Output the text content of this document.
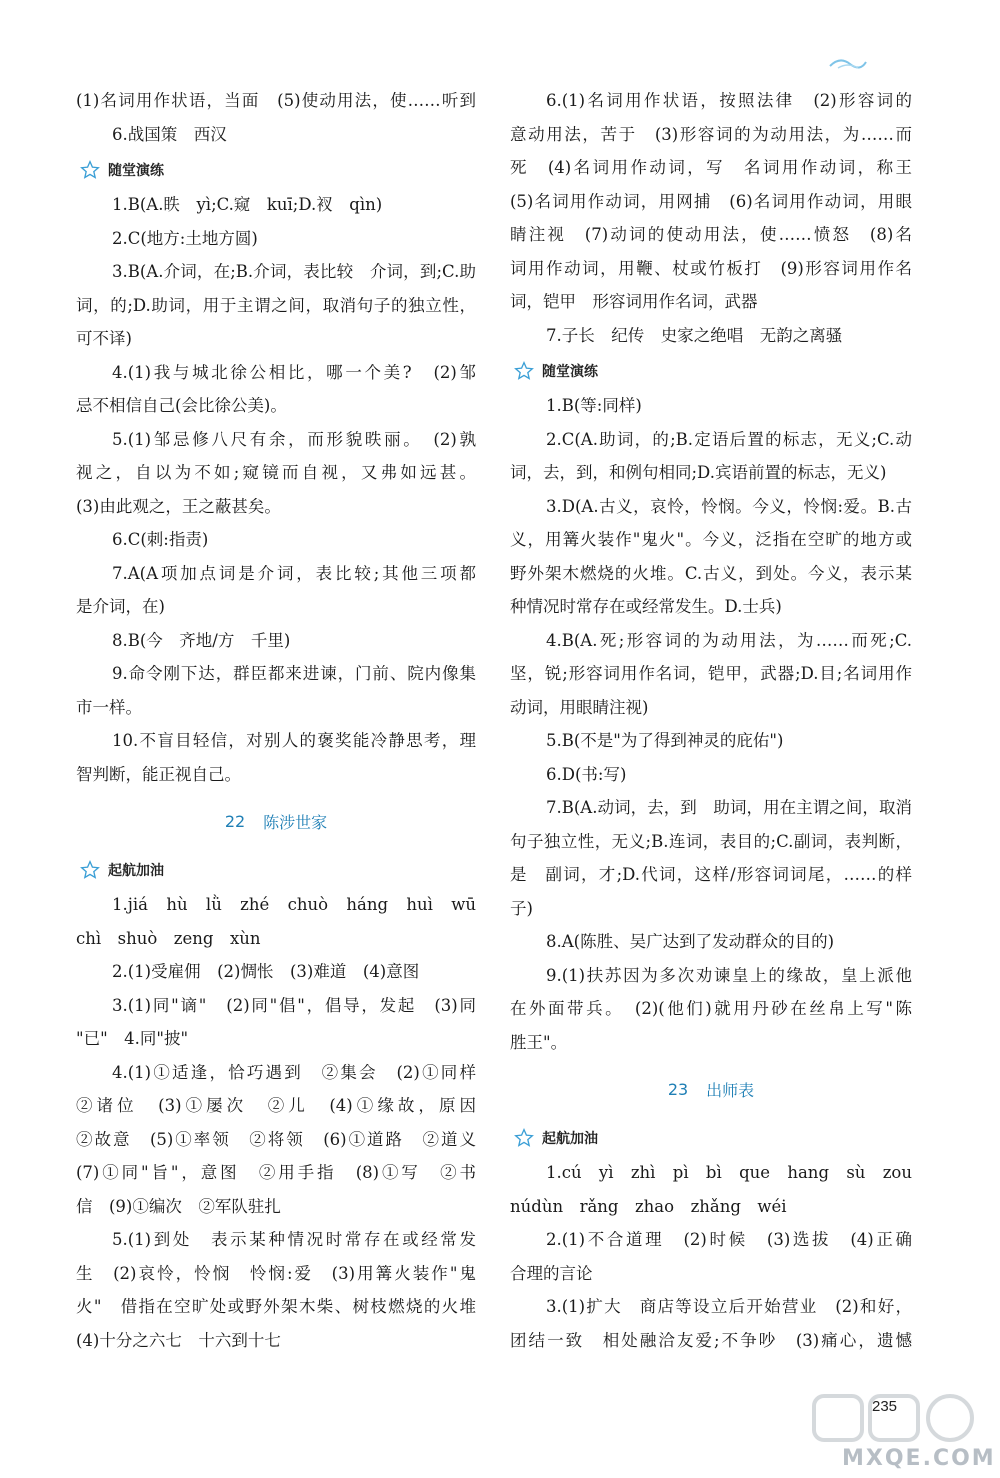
(1)名词用作状语，当面　(5)使动用法，使……听到
6.战国策　西汉
随堂演练
1.B(A.眣　yì;C.窥　kuī;D.衩　qìn)
2.C(地方:土地方圆)
3.B(A.介词，在;B.介词，表比较　介词，到;C.助
词，的;D.助词，用于主谓之间，取消句子的独立性，
可不译)
4.(1)我与城北徐公相比，哪一个美?　(2)邹
忌不相信自己(会比徐公美)。
5.(1)邹忌修八尺有余，而形貌昳丽。　(2)孰
视之，自以为不如;窥镜而自视，又弗如远甚。
(3)由此观之，王之蔽甚矣。
6.C(刺:指责)
7.A(A项加点词是介词，表比较;其他三项都
是介词，在)
8.B(今　齐地/方　千里)
9.命令刚下达，群臣都来进谏，门前、院内像集
市一样。
10.不盲目轻信，对别人的褒奖能冷静思考，理
智判断，能正视自己。
22 陈涉世家
起航加油
1.jiá　hù　lǜ　zhé　chuò　háng　huì　wū
chì　shuò　zeng　xùn
2.(1)受雇佣　(2)惆怅　(3)难道　(4)意图
3.(1)同"谪"　(2)同"倡"，倡导，发起　(3)同
"已"　4.同"披"
4.(1)①适逢，恰巧遇到　②集会　(2)①同样
②诸位　(3)①屡次　②儿　(4)①缘故，原因
②故意　(5)①率领　②将领　(6)①道路　②道义
(7)①同"旨"，意图　②用手指　(8)①写　②书
信　(9)①编次　②军队驻扎
5.(1)到处　表示某种情况时常存在或经常发
生　(2)哀怜，怜悯　怜悯:爱　(3)用篝火装作"鬼
火"　借指在空旷处或野外架木柴、树枝燃烧的火堆
(4)十分之六七　十六到十七
6.(1)名词用作状语，按照法律　(2)形容词的
意动用法，苦于　(3)形容词的为动用法，为……而
死　(4)名词用作动词，写　名词用作动词，称王
(5)名词用作动词，用网捕　(6)名词用作动词，用眼
睛注视　(7)动词的使动用法，使……愤怒　(8)名
词用作动词，用鞭、杖或竹板打　(9)形容词用作名
词，铠甲　形容词用作名词，武器
7.子长　纪传　史家之绝唱　无韵之离骚
随堂演练
1.B(等:同样)
2.C(A.助词，的;B.定语后置的标志，无义;C.动
词，去，到，和例句相同;D.宾语前置的标志，无义)
3.D(A.古义，哀怜，怜悯。今义，怜悯:爱。B.古
义，用篝火装作"鬼火"。今义，泛指在空旷的地方或
野外架木燃烧的火堆。C.古义，到处。今义，表示某
种情况时常存在或经常发生。D.士兵)
4.B(A.死;形容词的为动用法，为……而死;C.
坚，锐;形容词用作名词，铠甲，武器;D.目;名词用作
动词，用眼睛注视)
5.B(不是"为了得到神灵的庇佑")
6.D(书:写)
7.B(A.动词，去，到　助词，用在主谓之间，取消
句子独立性，无义;B.连词，表目的;C.副词，表判断，
是　副词，才;D.代词，这样/形容词词尾，……的样
子)
8.A(陈胜、吴广达到了发动群众的目的)
9.(1)扶苏因为多次劝谏皇上的缘故，皇上派他
在外面带兵。　(2)(他们)就用丹砂在丝帛上写"陈
胜王"。
23 出师表
起航加油
1.cú　yì　zhì　pì　bì　que　hang　sù　zou
núdùn　rǎng　zhao　zhǎng　wéi
2.(1)不合道理　(2)时候　(3)选拔　(4)正确
合理的言论
3.(1)扩大　商店等设立后开始营业　(2)和好，
团结一致　相处融洽友爱;不争吵　(3)痛心，遗憾
MXQE.COM
235
